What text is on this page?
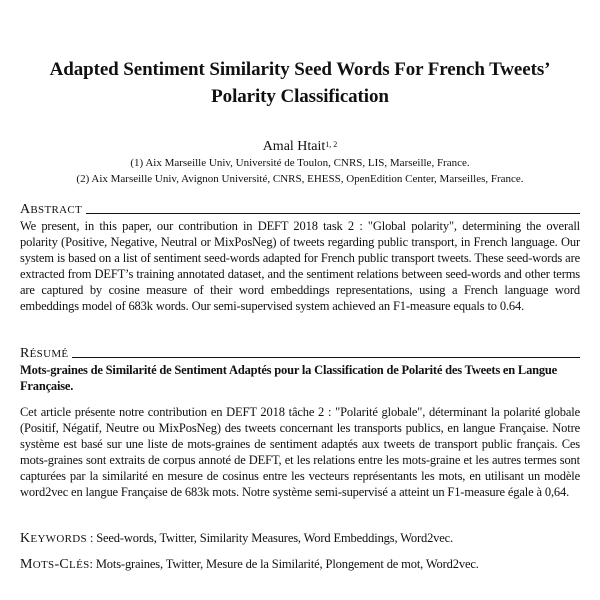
Adapted Sentiment Similarity Seed Words For French Tweets’
Polarity Classification
Amal Htait$^{1, 2}$
(1) Aix Marseille Univ, Université de Toulon, CNRS, LIS, Marseille, France.
(2) Aix Marseille Univ, Avignon Université, CNRS, EHESS, OpenEdition Center, Marseilles, France.
ABSTRACT
We present, in this paper, our contribution in DEFT 2018 task 2 : "Global polarity", determining the overall polarity (Positive, Negative, Neutral or MixPosNeg) of tweets regarding public transport, in French language. Our system is based on a list of sentiment seed-words adapted for French public transport tweets. These seed-words are extracted from DEFT’s training annotated dataset, and the sentiment relations between seed-words and other terms are captured by cosine measure of their word embeddings representations, using a French language word embeddings model of 683k words. Our semi-supervised system achieved an F1-measure equals to 0.64.
RÉSUMÉ
Mots-graines de Similarité de Sentiment Adaptés pour la Classification de Polarité des Tweets en Langue Française.
Cet article présente notre contribution en DEFT 2018 tâche 2 : "Polarité globale", déterminant la polarité globale (Positif, Négatif, Neutre ou MixPosNeg) des tweets concernant les transports publics, en langue Française. Notre système est basé sur une liste de mots-graines de sentiment adaptés aux tweets de transport public français. Ces mots-graines sont extraits de corpus annoté de DEFT, et les relations entre les mots-graine et les autres termes sont capturées par la similarité en mesure de cosinus entre les vecteurs représentants les mots, en utilisant un modèle word2vec en langue Française de 683k mots. Notre système semi-supervisé a atteint un F1-measure égale à 0,64.
KEYWORDS : Seed-words, Twitter, Similarity Measures, Word Embeddings, Word2vec.
MOTS-CLÉS: Mots-graines, Twitter, Mesure de la Similarité, Plongement de mot, Word2vec.
